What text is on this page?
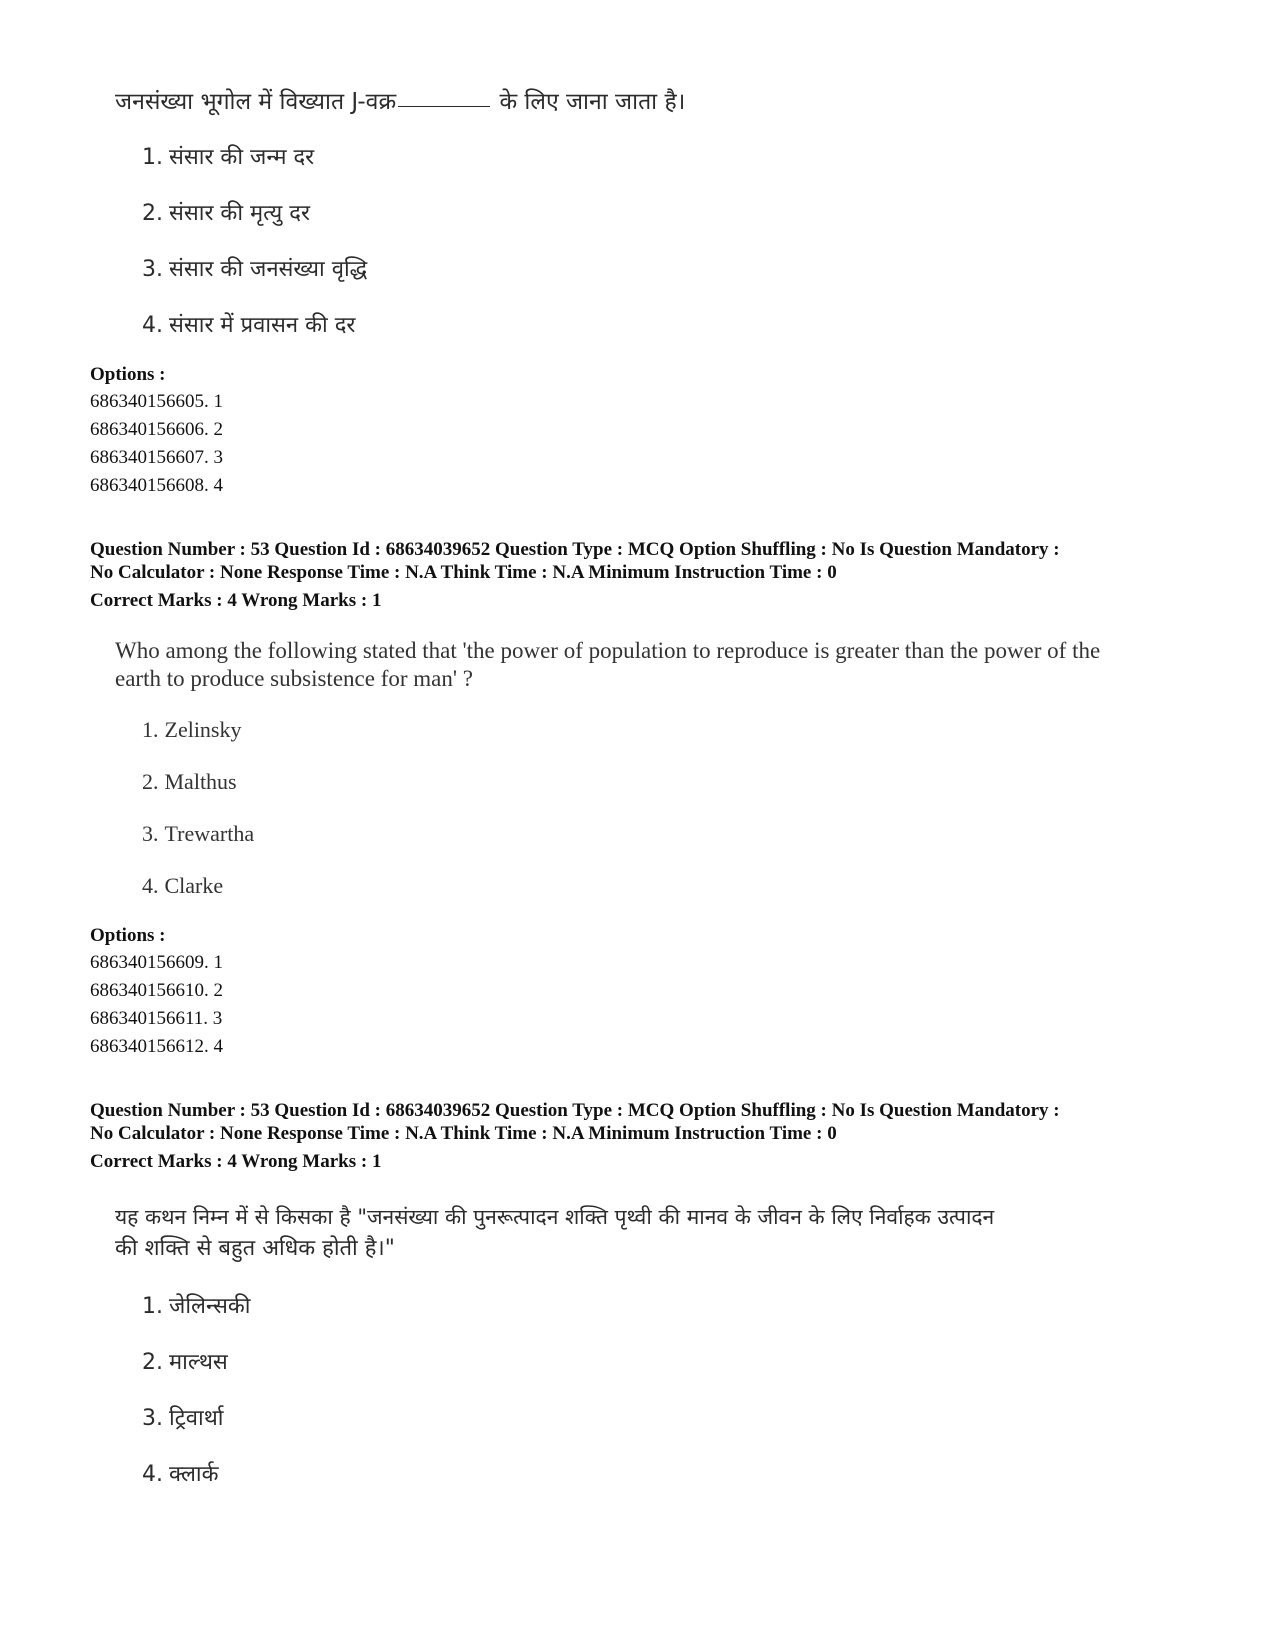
जनसंख्या भूगोल में विख्यात J-वक्र	के लिए जाना जाता है।
1. संसार की जन्म दर
2. संसार की मृत्यु दर
3. संसार की जनसंख्या वृद्धि
4. संसार में प्रवासन की दर
Options :
686340156605. 1
686340156606. 2
686340156607. 3
686340156608. 4
Question Number : 53 Question Id : 68634039652 Question Type : MCQ Option Shuffling : No Is Question Mandatory :
No Calculator : None Response Time : N.A Think Time : N.A Minimum Instruction Time : 0
Correct Marks : 4 Wrong Marks : 1
Who among the following stated that 'the power of population to reproduce is greater than the power of the
earth to produce subsistence for man' ?
1. Zelinsky
2. Malthus
3. Trewartha
4. Clarke
Options :
686340156609. 1
686340156610. 2
686340156611. 3
686340156612. 4
Question Number : 53 Question Id : 68634039652 Question Type : MCQ Option Shuffling : No Is Question Mandatory :
No Calculator : None Response Time : N.A Think Time : N.A Minimum Instruction Time : 0
Correct Marks : 4 Wrong Marks : 1
यह कथन निम्न में से किसका है "जनसंख्या की पुनरूत्पादन शक्ति पृथ्वी की मानव के जीवन के लिए निर्वाहक उत्पादन
की शक्ति से बहुत अधिक होती है।"
1. जेलिन्सकी
2. माल्थस
3. ट्रिवार्था
4. क्लार्क
